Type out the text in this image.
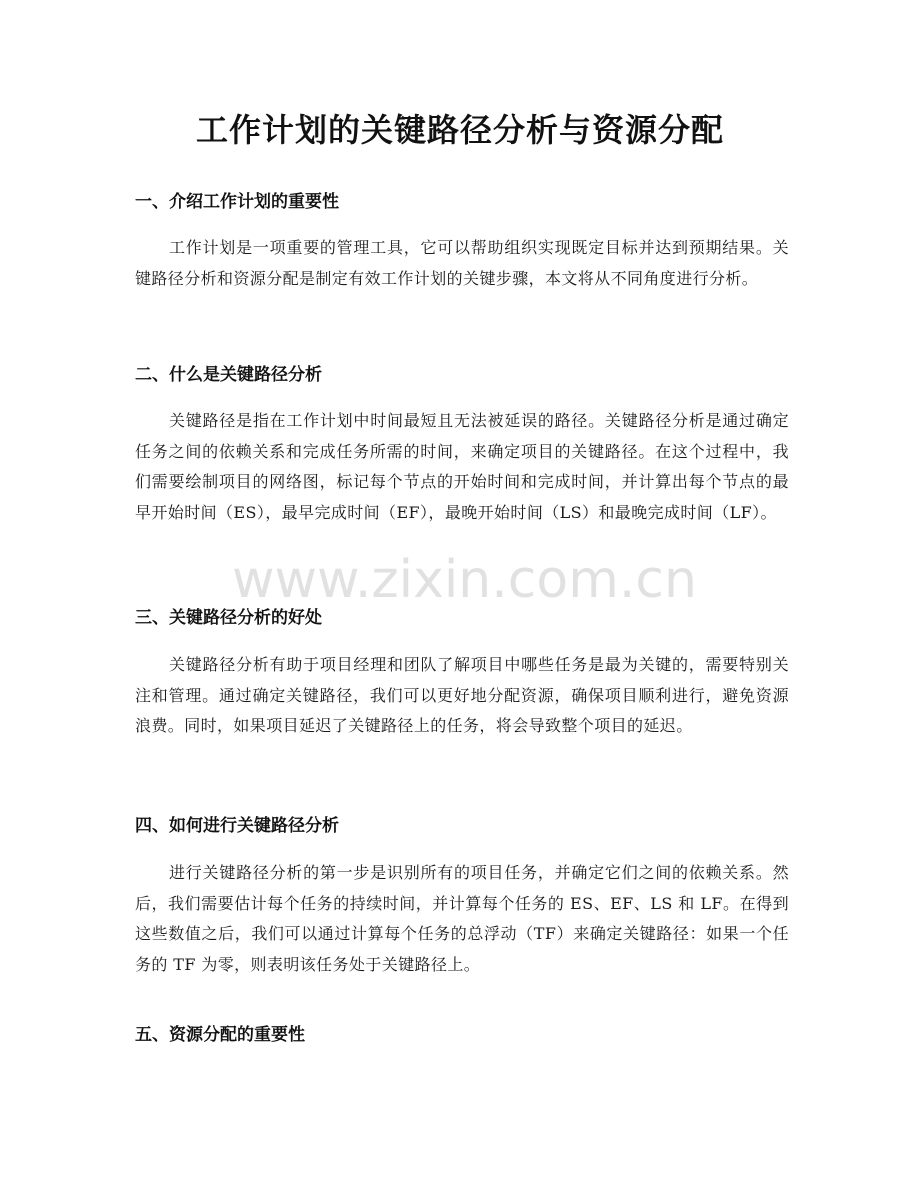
工作计划的关键路径分析与资源分配
一、介绍工作计划的重要性
工作计划是一项重要的管理工具，它可以帮助组织实现既定目标并达到预期结果。关键路径分析和资源分配是制定有效工作计划的关键步骤，本文将从不同角度进行分析。
二、什么是关键路径分析
关键路径是指在工作计划中时间最短且无法被延误的路径。关键路径分析是通过确定任务之间的依赖关系和完成任务所需的时间，来确定项目的关键路径。在这个过程中，我们需要绘制项目的网络图，标记每个节点的开始时间和完成时间，并计算出每个节点的最早开始时间（ES），最早完成时间（EF），最晚开始时间（LS）和最晚完成时间（LF）。
三、关键路径分析的好处
关键路径分析有助于项目经理和团队了解项目中哪些任务是最为关键的，需要特别关注和管理。通过确定关键路径，我们可以更好地分配资源，确保项目顺利进行，避免资源浪费。同时，如果项目延迟了关键路径上的任务，将会导致整个项目的延迟。
四、如何进行关键路径分析
进行关键路径分析的第一步是识别所有的项目任务，并确定它们之间的依赖关系。然后，我们需要估计每个任务的持续时间，并计算每个任务的 ES、EF、LS 和 LF。在得到这些数值之后，我们可以通过计算每个任务的总浮动（TF）来确定关键路径：如果一个任务的 TF 为零，则表明该任务处于关键路径上。
五、资源分配的重要性
www.zixin.com.cn
